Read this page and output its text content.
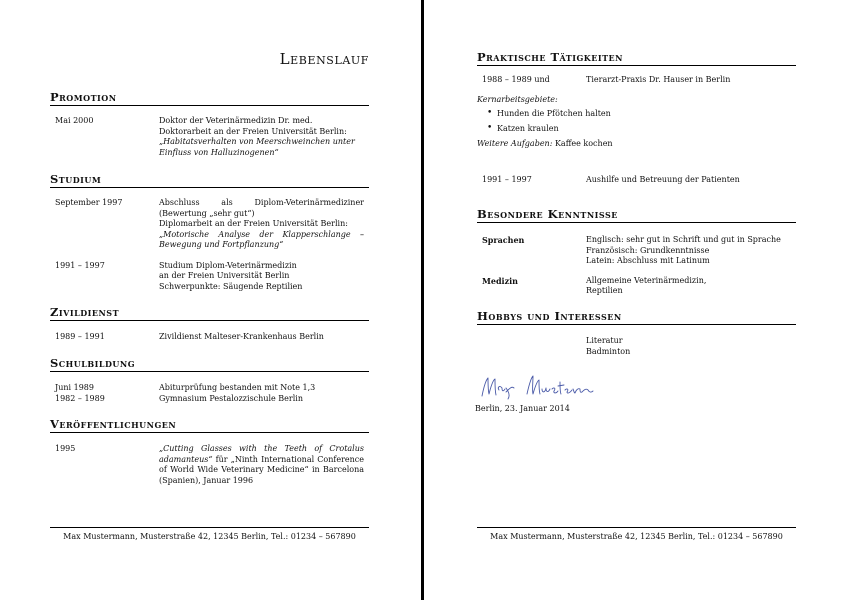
Lebenslauf
Promotion
Mai 2000	Doktor der Veterinärmedizin Dr. med.
Doktorarbeit an der Freien Universität Berlin:
„Habitatsverhalten von Meerschweinchen unter Einfluss von Halluzinogenen“
Studium
September 1997	Abschluss als Diplom-Veterinärmediziner (Bewertung „sehr gut“)
Diplomarbeit an der Freien Universität Berlin:
„Motorische Analyse der Klapperschlange – Bewegung und Fortpflanzung“
1991 – 1997	Studium Diplom-Veterinärmedizin
an der Freien Universität Berlin
Schwerpunkte: Säugende Reptilien
Zivildienst
1989 – 1991	Zivildienst Malteser-Krankenhaus Berlin
Schulbildung
Juni 1989	Abiturprüfung bestanden mit Note 1,3
1982 – 1989	Gymnasium Pestalozzischule Berlin
Veröffentlichungen
1995	„Cutting Glasses with the Teeth of Crotalus adamanteus“ für „Ninth International Conference of World Wide Veterinary Medicine“ in Barcelona (Spanien), Januar 1996
Max Mustermann, Musterstraße 42, 12345 Berlin, Tel.: 01234 – 567890
Praktische Tätigkeiten
1988 – 1989 und	Tierarzt-Praxis Dr. Hauser in Berlin
Kernarbeitsgebiete:
• Hunden die Pfötchen halten
• Katzen kraulen
Weitere Aufgaben: Kaffee kochen
1991 – 1997	Aushilfe und Betreuung der Patienten
Besondere Kenntnisse
Sprachen	Englisch: sehr gut in Schrift und gut in Sprache
Französisch: Grundkenntnisse
Latein: Abschluss mit Latinum
Medizin	Allgemeine Veterinärmedizin,
Reptilien
Hobbys und Interessen
Literatur
Badminton
Berlin, 23. Januar 2014
Max Mustermann, Musterstraße 42, 12345 Berlin, Tel.: 01234 – 567890
